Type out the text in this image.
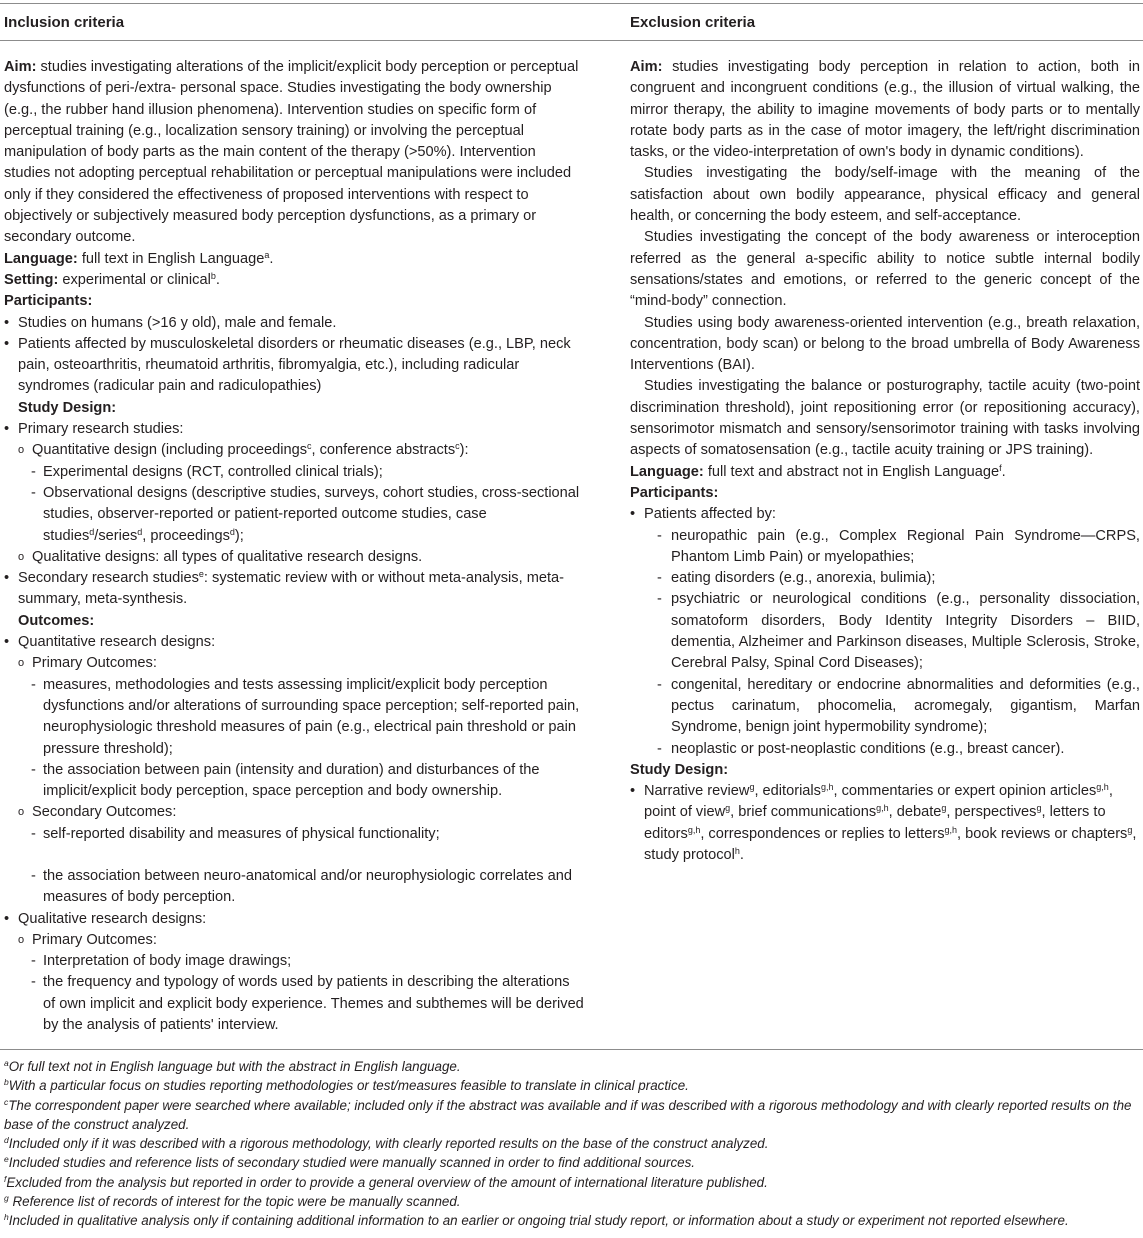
Inclusion criteria	Exclusion criteria

Aim: studies investigating alterations of the implicit/explicit body perception or perceptual dysfunctions of peri-/extra- personal space. Studies investigating the body ownership (e.g., the rubber hand illusion phenomena). Intervention studies on specific form of perceptual training (e.g., localization sensory training) or involving the perceptual manipulation of body parts as the main content of the therapy (>50%). Intervention studies not adopting perceptual rehabilitation or perceptual manipulations were included only if they considered the effectiveness of proposed interventions with respect to objectively or subjectively measured body perception dysfunctions, as a primary or secondary outcome.

Language: full text in English Language$^a$.

Setting: experimental or clinical$^b$.

Participants:

• Studies on humans (>16 y old), male and female.
• Patients affected by musculoskeletal disorders or rheumatic diseases (e.g., LBP, neck pain, osteoarthritis, rheumatoid arthritis, fibromyalgia, etc.), including radicular syndromes (radicular pain and radiculopathies)

Study Design:

• Primary research studies:
o Quantitative design (including proceedings$^c$, conference abstracts$^c$):
- Experimental designs (RCT, controlled clinical trials);
- Observational designs (descriptive studies, surveys, cohort studies, cross-sectional studies, observer-reported or patient-reported outcome studies, case studies$^d$/series$^d$, proceedings$^d$);
o Qualitative designs: all types of qualitative research designs.
• Secondary research studies$^e$: systematic review with or without meta-analysis, meta-summary, meta-synthesis.

Outcomes:

• Quantitative research designs:
o Primary Outcomes:
- measures, methodologies and tests assessing implicit/explicit body perception dysfunctions and/or alterations of surrounding space perception; self-reported pain, neurophysiologic threshold measures of pain (e.g., electrical pain threshold or pain pressure threshold);
- the association between pain (intensity and duration) and disturbances of the implicit/explicit body perception, space perception and body ownership.
o Secondary Outcomes:
- self-reported disability and measures of physical functionality;
- the association between neuro-anatomical and/or neurophysiologic correlates and measures of body perception.
• Qualitative research designs:
o Primary Outcomes:
- Interpretation of body image drawings;
- the frequency and typology of words used by patients in describing the alterations of own implicit and explicit body experience. Themes and subthemes will be derived by the analysis of patients' interview.

Aim: studies investigating body perception in relation to action, both in congruent and incongruent conditions (e.g., the illusion of virtual walking, the mirror therapy, the ability to imagine movements of body parts or to mentally rotate body parts as in the case of motor imagery, the left/right discrimination tasks, or the video-interpretation of own's body in dynamic conditions).

Studies investigating the body/self-image with the meaning of the satisfaction about own bodily appearance, physical efficacy and general health, or concerning the body esteem, and self-acceptance.

Studies investigating the concept of the body awareness or interoception referred as the general a-specific ability to notice subtle internal bodily sensations/states and emotions, or referred to the generic concept of the “mind-body” connection.

Studies using body awareness-oriented intervention (e.g., breath relaxation, concentration, body scan) or belong to the broad umbrella of Body Awareness Interventions (BAI).

Studies investigating the balance or posturography, tactile acuity (two-point discrimination threshold), joint repositioning error (or repositioning accuracy), sensorimotor mismatch and sensory/sensorimotor training with tasks involving aspects of somatosensation (e.g., tactile acuity training or JPS training).

Language: full text and abstract not in English Language$^f$.

Participants:

• Patients affected by:
- neuropathic pain (e.g., Complex Regional Pain Syndrome—CRPS, Phantom Limb Pain) or myelopathies;
- eating disorders (e.g., anorexia, bulimia);
- psychiatric or neurological conditions (e.g., personality dissociation, somatoform disorders, Body Identity Integrity Disorders – BIID, dementia, Alzheimer and Parkinson diseases, Multiple Sclerosis, Stroke, Cerebral Palsy, Spinal Cord Diseases);
- congenital, hereditary or endocrine abnormalities and deformities (e.g., pectus carinatum, phocomelia, acromegaly, gigantism, Marfan Syndrome, benign joint hypermobility syndrome);
- neoplastic or post-neoplastic conditions (e.g., breast cancer).

Study Design:

• Narrative review$^g$, editorials$^{g,h}$, commentaries or expert opinion articles$^{g,h}$, point of view$^g$, brief communications$^{g,h}$, debate$^g$, perspectives$^g$, letters to editors$^{g,h}$, correspondences or replies to letters$^{g,h}$, book reviews or chapters$^g$, study protocol$^h$.

$^a$Or full text not in English language but with the abstract in English language.

$^b$With a particular focus on studies reporting methodologies or test/measures feasible to translate in clinical practice.

$^c$The correspondent paper were searched where available; included only if the abstract was available and if was described with a rigorous methodology and with clearly reported results on the base of the construct analyzed.

$^d$Included only if it was described with a rigorous methodology, with clearly reported results on the base of the construct analyzed.

$^e$Included studies and reference lists of secondary studied were manually scanned in order to find additional sources.

$^f$Excluded from the analysis but reported in order to provide a general overview of the amount of international literature published.

$^g$ Reference list of records of interest for the topic were be manually scanned.

$^h$Included in qualitative analysis only if containing additional information to an earlier or ongoing trial study report, or information about a study or experiment not reported elsewhere.
